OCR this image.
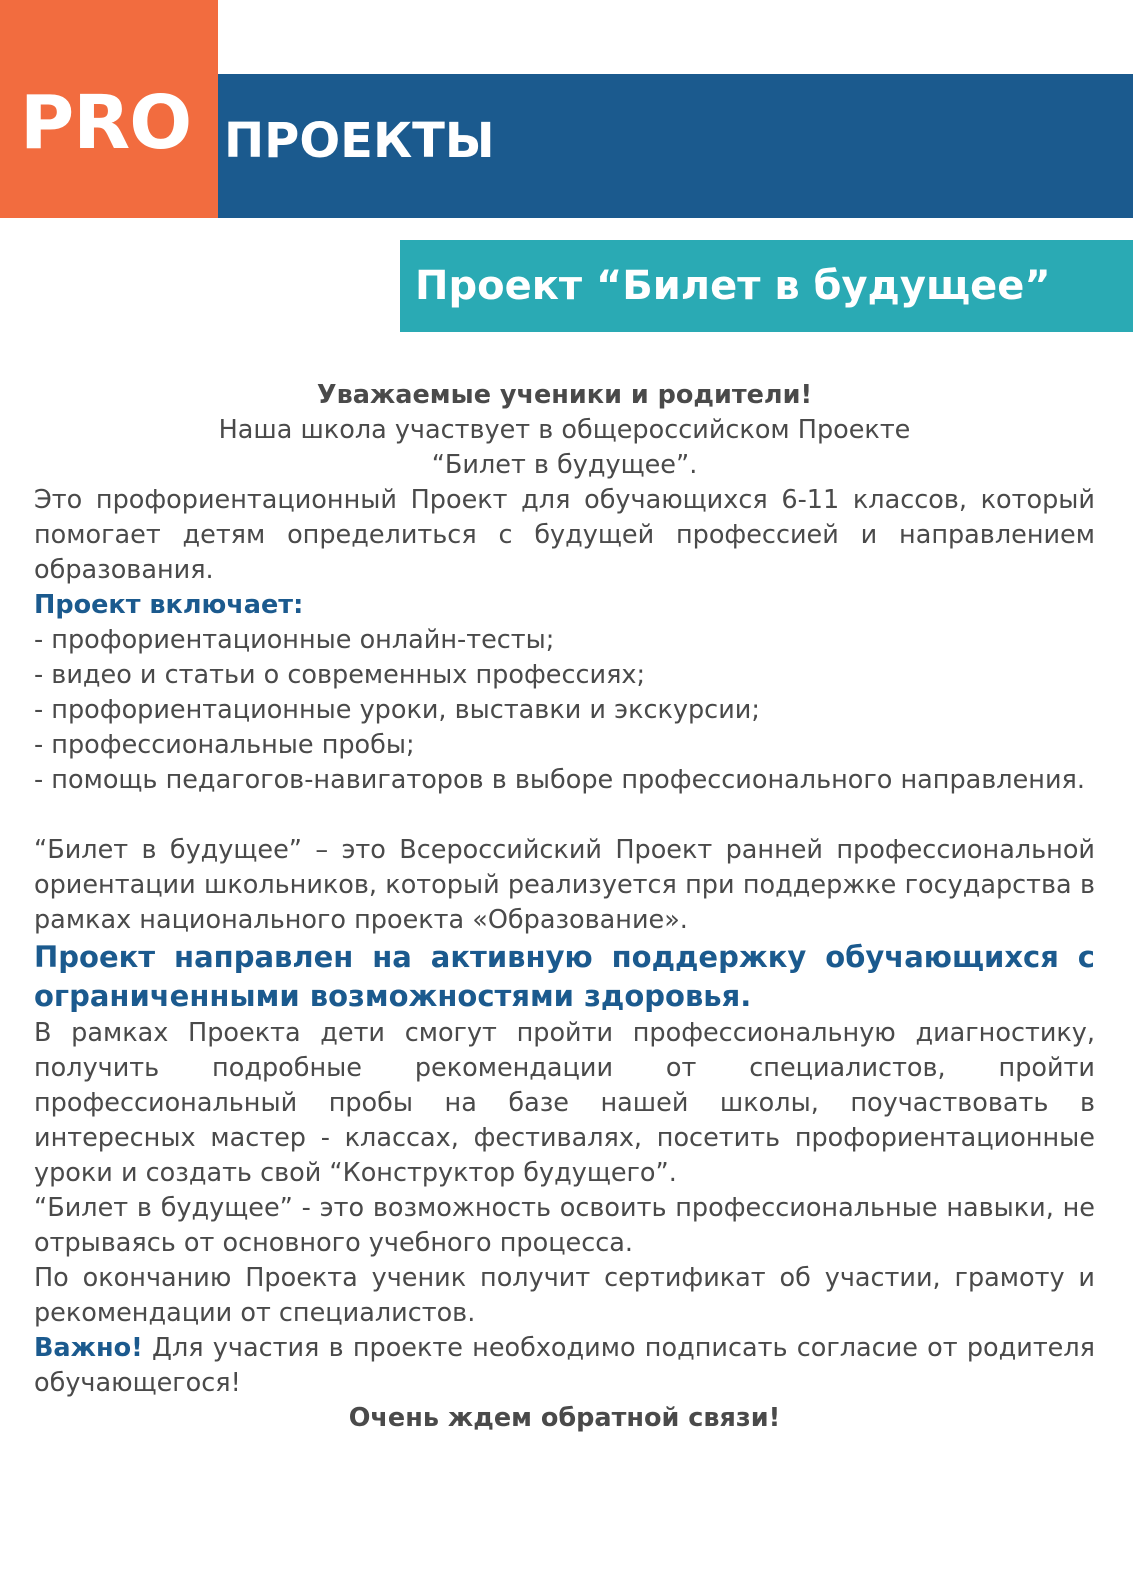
PRO ПРОЕКТЫ
Проект “Билет в будущее”

Уважаемые ученики и родители!

Наша школа участвует в общероссийском Проекте

“Билет в будущее”.

Это профориентационный Проект для обучающихся 6-11 классов, который помогает детям определиться с будущей профессией и направлением образования.

Проект включает:

- профориентационные онлайн-тесты;

- видео и статьи о современных профессиях;

- профориентационные уроки, выставки и экскурсии;

- профессиональные пробы;

- помощь педагогов-навигаторов в выборе профессионального направления.

“Билет в будущее” – это Всероссийский Проект ранней профессиональной ориентации школьников, который реализуется при поддержке государства в рамках национального проекта «Образование».

Проект направлен на активную поддержку обучающихся с ограниченными возможностями здоровья.

В рамках Проекта дети смогут пройти профессиональную диагностику, получить подробные рекомендации от специалистов, пройти профессиональный пробы на базе нашей школы, поучаствовать в интересных мастер - классах, фестивалях, посетить профориентационные уроки и создать свой “Конструктор будущего”.

“Билет в будущее” - это возможность освоить профессиональные навыки, не отрываясь от основного учебного процесса.

По окончанию Проекта ученик получит сертификат об участии, грамоту и рекомендации от специалистов.

Важно! Для участия в проекте необходимо подписать согласие от родителя обучающегося!

Очень ждем обратной связи!
